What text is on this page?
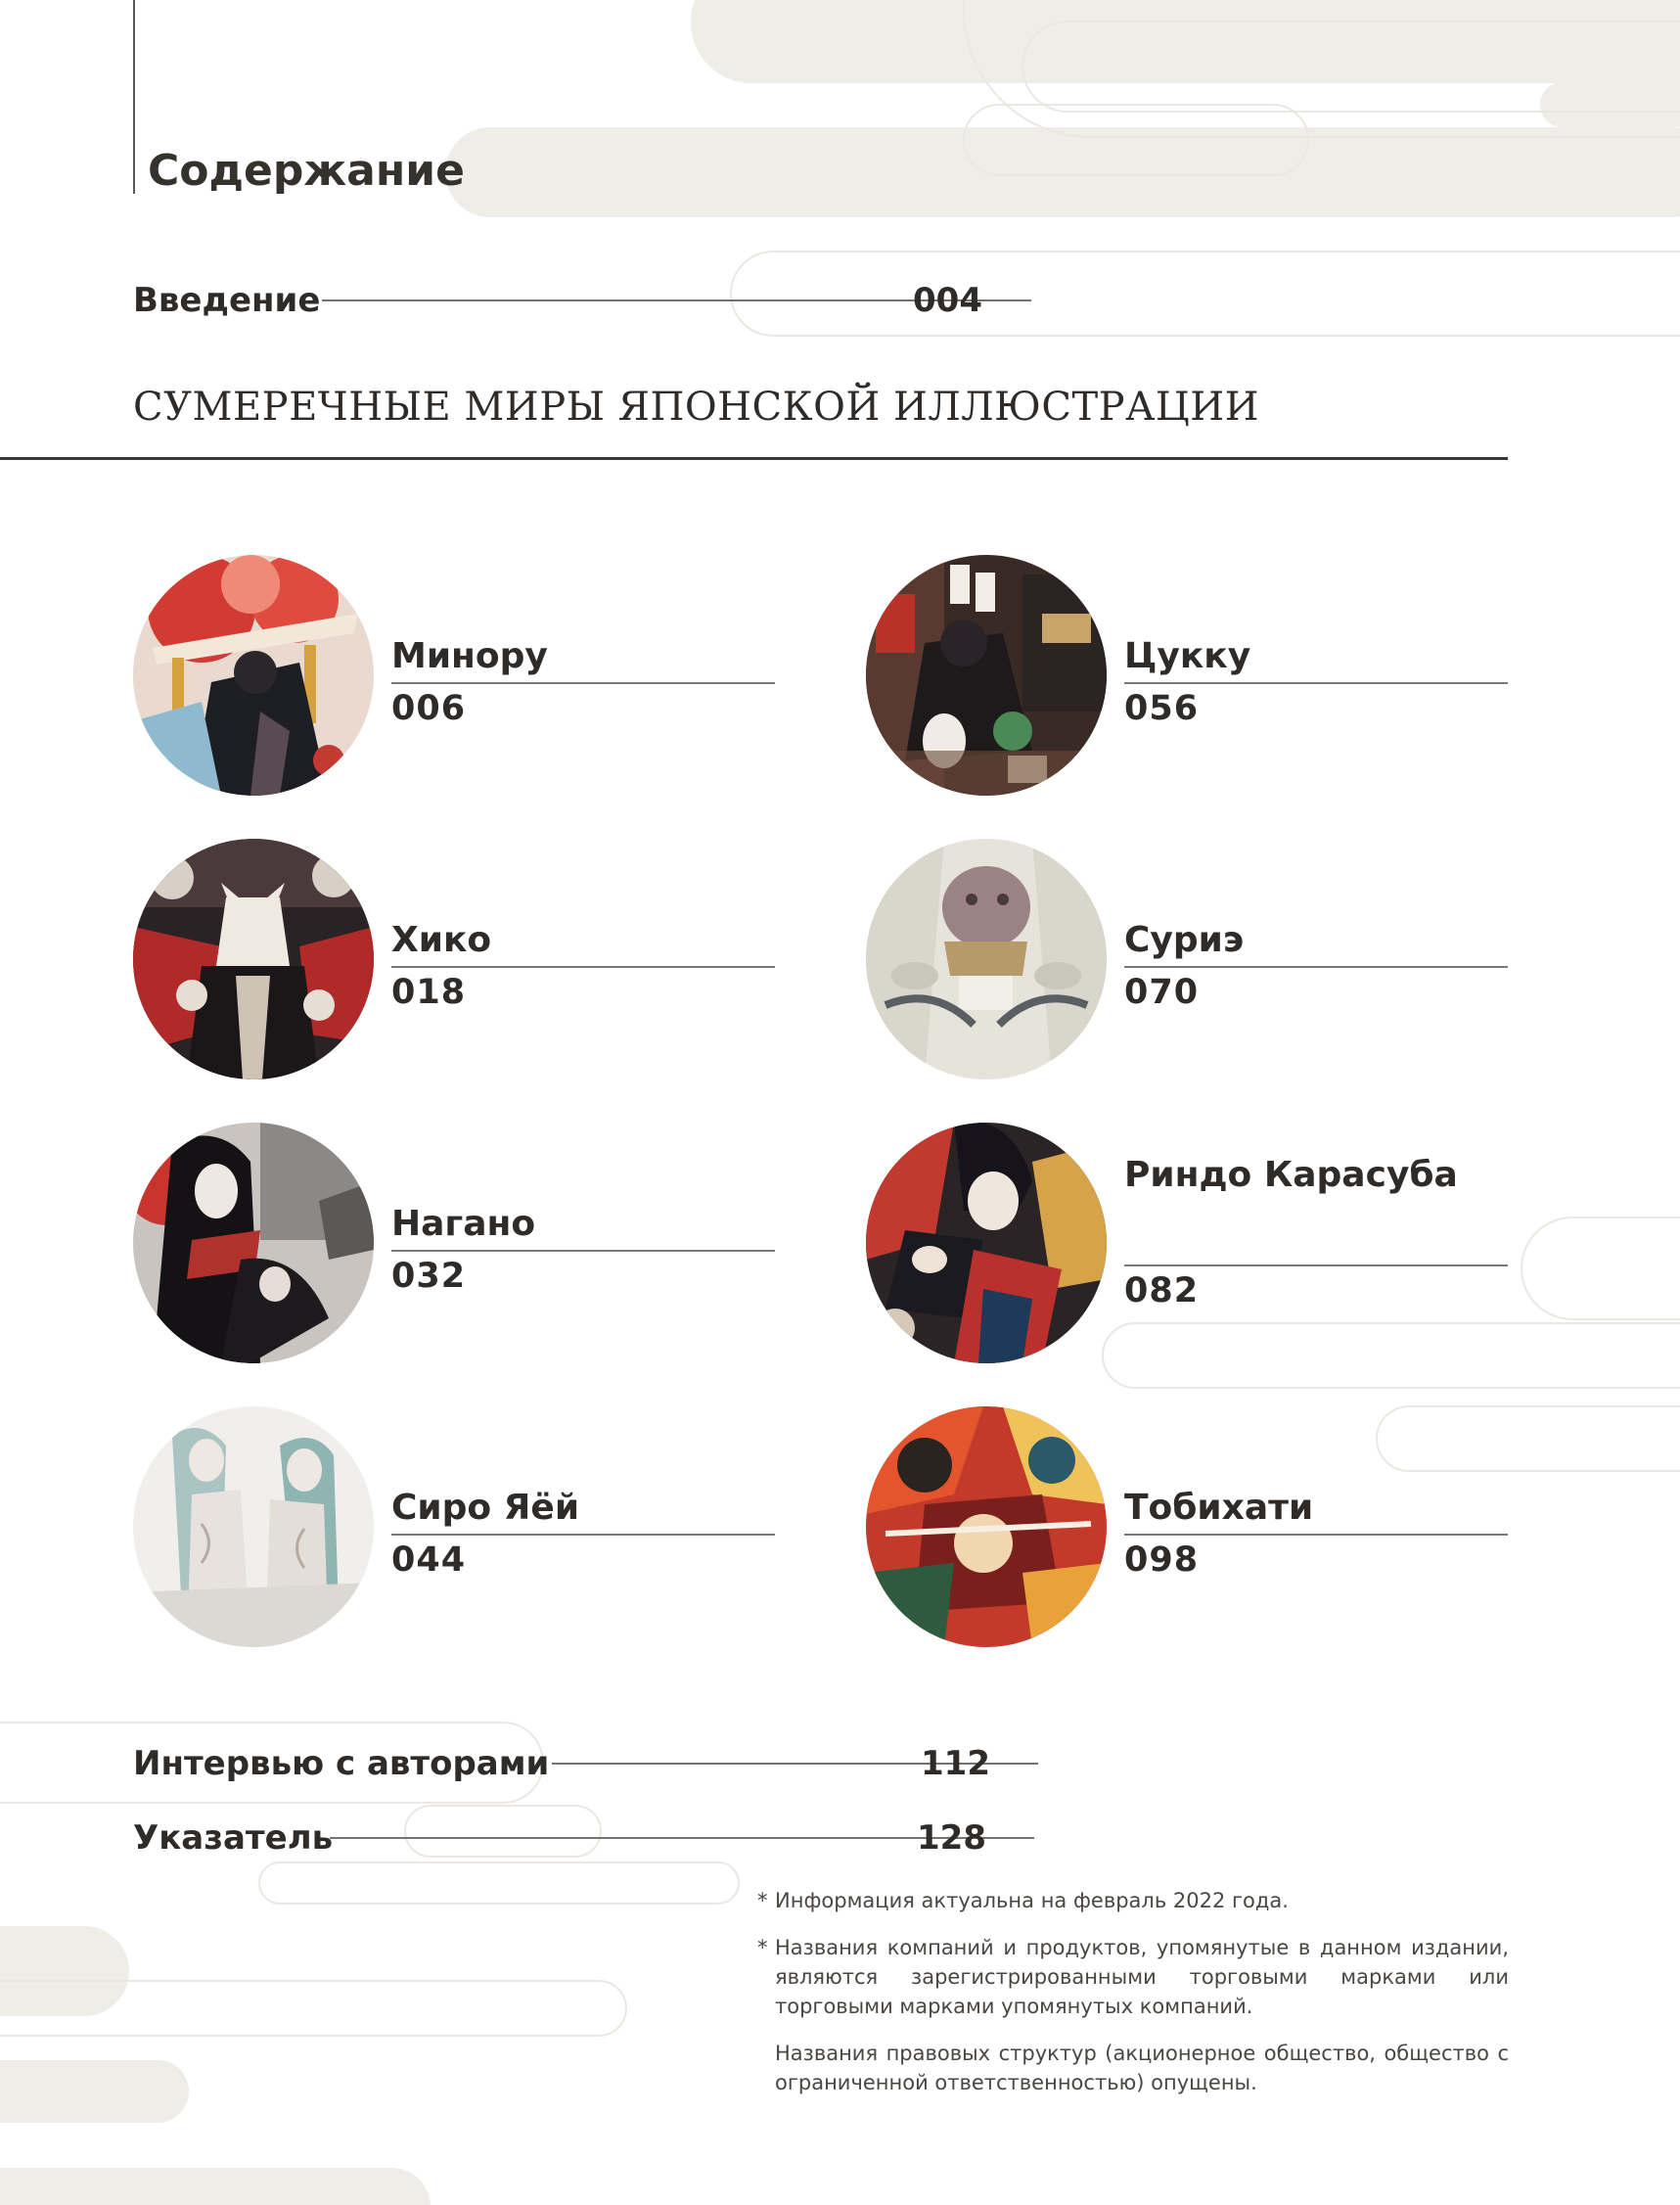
Содержание
Введение	004
СУМЕРЕЧНЫЕ МИРЫ ЯПОНСКОЙ ИЛЛЮСТРАЦИИ
Минору
006
Цукку
056
Хико
018
Суриэ
070
Нагано
032
Риндо Карасуба
082
Сиро Яёй
044
Тобихати
098
Интервью с авторами	112
Указатель	128

* Информация актуальна на февраль 2022 года.

* Названия компаний и продуктов, упомянутые в данном издании, являются зарегистрированными торговыми марками или торговыми марками упомянутых компаний.

Названия правовых структур (акционерное общество, общество с ограниченной ответственностью) опущены.
